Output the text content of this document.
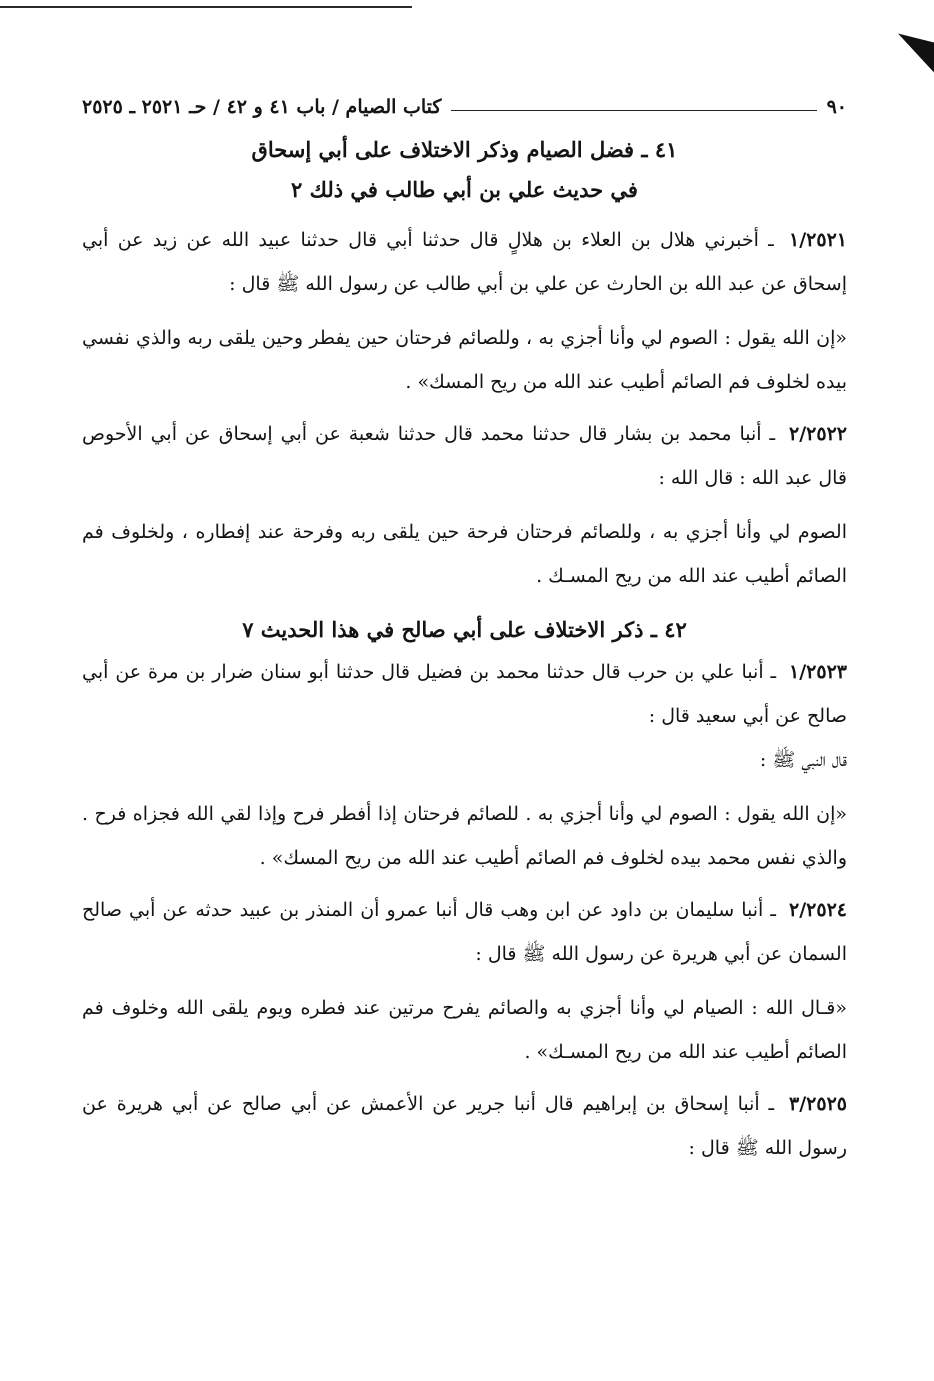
٩٠
كتاب الصيام / باب ٤١ و ٤٢ / حـ ٢٥٢١ ـ ٢٥٢٥
٤١ ـ فضل الصيام وذكر الاختلاف على أبي إسحاق
في حديث علي بن أبي طالب في ذلك ٢

١/٢٥٢١ ـ أخبرني هلال بن العلاء بن هلالٍ قال حدثنا أبي قال حدثنا عبيد الله عن زيد عن أبي إسحاق عن عبد الله بن الحارث عن علي بن أبي طالب عن رسول الله ﷺ قال :

«إن الله يقول : الصوم لي وأنا أجزي به ، وللصائم فرحتان حين يفطر وحين يلقى ربه والذي نفسي بيده لخلوف فم الصائم أطيب عند الله من ريح المسك» .

٢/٢٥٢٢ ـ أنبا محمد بن بشار قال حدثنا محمد قال حدثنا شعبة عن أبي إسحاق عن أبي الأحوص قال عبد الله : قال الله :

الصوم لي وأنا أجزي به ، وللصائم فرحتان فرحة حين يلقى ربه وفرحة عند إفطاره ، ولخلوف فم الصائم أطيب عند الله من ريح المسـك .

٤٢ ـ ذكر الاختلاف على أبي صالح في هذا الحديث ٧

١/٢٥٢٣ ـ أنبا علي بن حرب قال حدثنا محمد بن فضيل قال حدثنا أبو سنان ضرار بن مرة عن أبي صالح عن أبي سعيد قال :

قال النبي ﷺ :

«إن الله يقول : الصوم لي وأنا أجزي به . للصائم فرحتان إذا أفطر فرح وإذا لقي الله فجزاه فرح . والذي نفس محمد بيده لخلوف فم الصائم أطيب عند الله من ريح المسك» .

٢/٢٥٢٤ ـ أنبا سليمان بن داود عن ابن وهب قال أنبا عمرو أن المنذر بن عبيد حدثه عن أبي صالح السمان عن أبي هريرة عن رسول الله ﷺ قال :

«قـال الله : الصيام لي وأنا أجزي به والصائم يفرح مرتين عند فطره ويوم يلقى الله وخلوف فم الصائم أطيب عند الله من ريح المسـك» .

٣/٢٥٢٥ ـ أنبا إسحاق بن إبراهيم قال أنبا جرير عن الأعمش عن أبي صالح عن أبي هريرة عن رسول الله ﷺ قال :
